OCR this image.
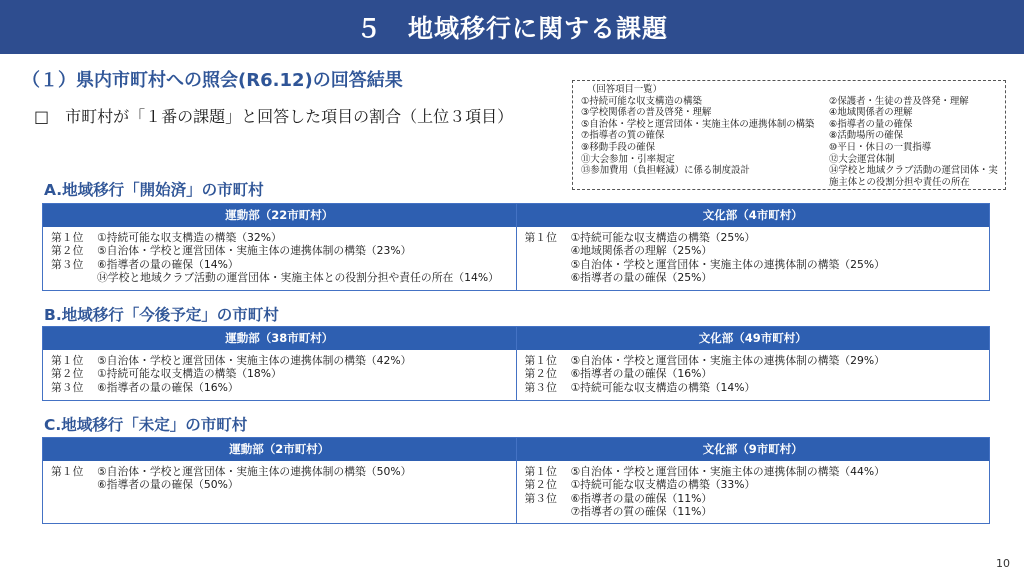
５　地域移行に関する課題
（１）県内市町村への照会(R6.12)の回答結果
□　市町村が「１番の課題」と回答した項目の割合（上位３項目）
（回答項目一覧）
①持続可能な収支構造の構築	②保護者・生徒の普及啓発・理解
③学校関係者の普及啓発・理解	④地域関係者の理解
⑤自治体・学校と運営団体・実施主体の連携体制の構築	⑥指導者の量の確保
⑦指導者の質の確保	⑧活動場所の確保
⑨移動手段の確保	⑩平日・休日の一貫指導
⑪大会参加・引率規定	⑫大会運営体制
⑬参加費用（負担軽減）に係る制度設計	⑭学校と地域クラブ活動の運営団体・実施主体との役割分担や責任の所在
A.地域移行「開始済」の市町村
運動部（22市町村）
第１位	①持続可能な収支構造の構築（32%）
第２位	⑤自治体・学校と運営団体・実施主体の連携体制の構築（23%）
第３位	⑥指導者の量の確保（14%）
⑭学校と地域クラブ活動の運営団体・実施主体との役割分担や責任の所在（14%）
文化部（4市町村）
第１位	①持続可能な収支構造の構築（25%）
④地域関係者の理解（25%）
⑤自治体・学校と運営団体・実施主体の連携体制の構築（25%）
⑥指導者の量の確保（25%）
B.地域移行「今後予定」の市町村
運動部（38市町村）
第１位	⑤自治体・学校と運営団体・実施主体の連携体制の構築（42%）
第２位	①持続可能な収支構造の構築（18%）
第３位	⑥指導者の量の確保（16%）
文化部（49市町村）
第１位	⑤自治体・学校と運営団体・実施主体の連携体制の構築（29%）
第２位	⑥指導者の量の確保（16%）
第３位	①持続可能な収支構造の構築（14%）
C.地域移行「未定」の市町村
運動部（2市町村）
第１位	⑤自治体・学校と運営団体・実施主体の連携体制の構築（50%）
⑥指導者の量の確保（50%）
文化部（9市町村）
第１位	⑤自治体・学校と運営団体・実施主体の連携体制の構築（44%）
第２位	①持続可能な収支構造の構築（33%）
第３位	⑥指導者の量の確保（11%）
⑦指導者の質の確保（11%）
10
